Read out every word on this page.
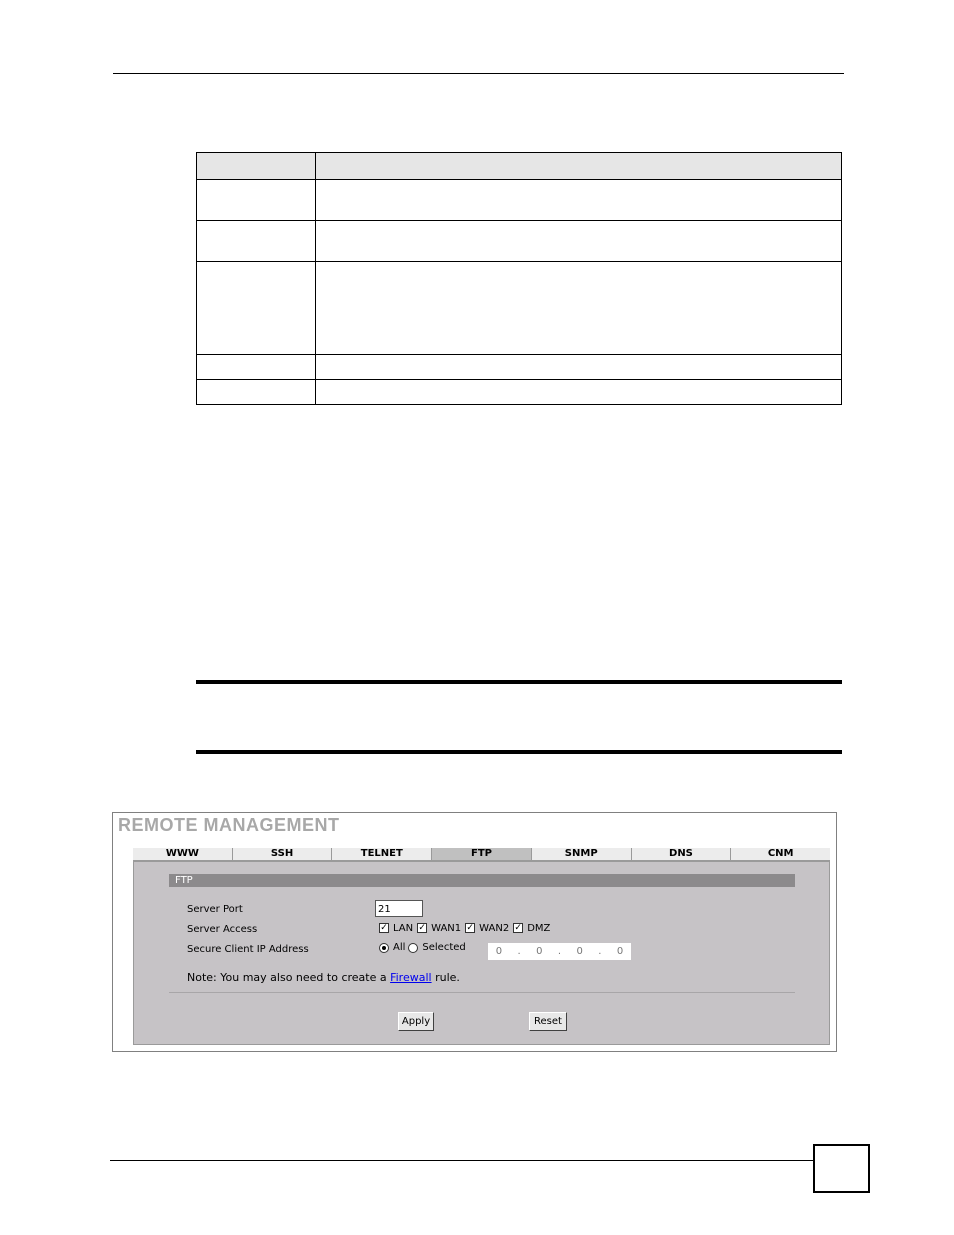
REMOTE MANAGEMENT
WWW	SSH	TELNET	FTP	SNMP	DNS	CNM
FTP
Server Port	21
Server Access	✓ LAN ✓ WAN1 ✓ WAN2 ✓ DMZ
Secure Client IP Address	All Selected	0 . 0 . 0 . 0
Note: You may also need to create a Firewall rule.
Apply	Reset
